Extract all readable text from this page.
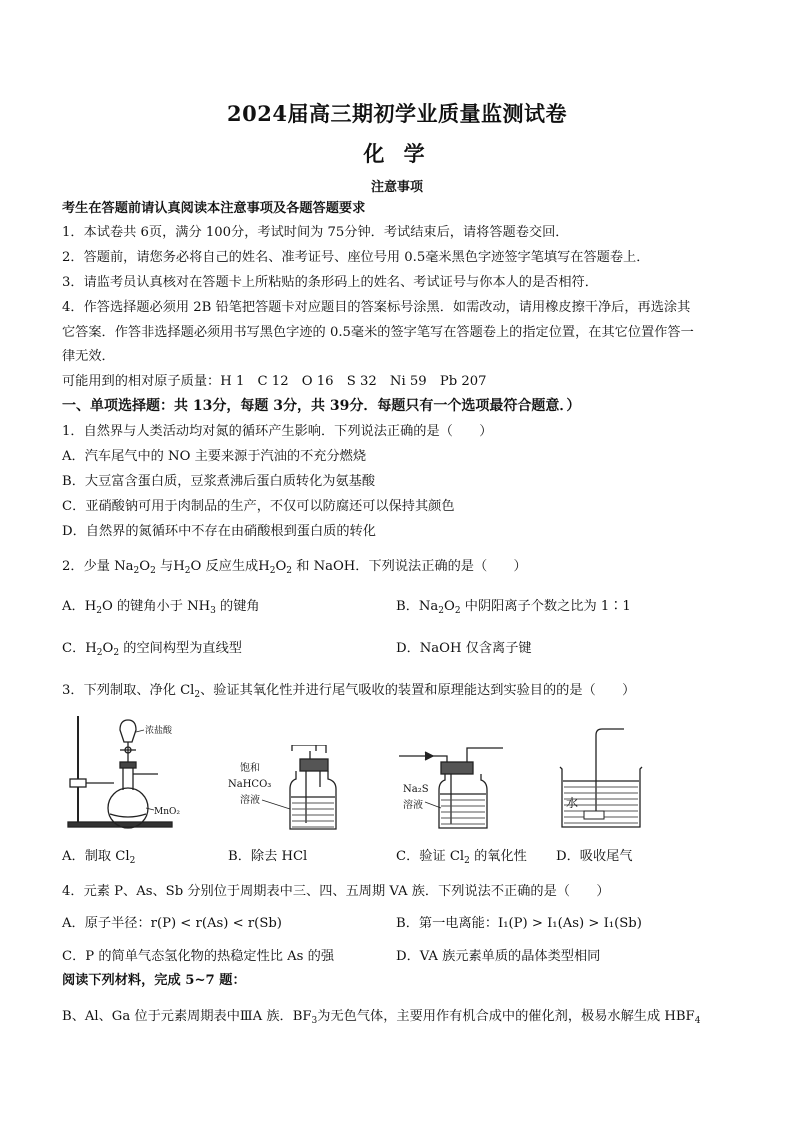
2024届高三期初学业质量监测试卷
化 学
注意事项
考生在答题前请认真阅读本注意事项及各题答题要求
1．本试卷共 6页，满分 100分，考试时间为 75分钟．考试结束后，请将答题卷交回．
2．答题前，请您务必将自己的姓名、准考证号、座位号用 0.5毫米黑色字迹签字笔填写在答题卷上．
3．请监考员认真核对在答题卡上所粘贴的条形码上的姓名、考试证号与你本人的是否相符．
4．作答选择题必须用 2B 铅笔把答题卡对应题目的答案标号涂黑．如需改动，请用橡皮擦干净后，再选涂其
它答案．作答非选择题必须用书写黑色字迹的 0.5毫米的签字笔写在答题卷上的指定位置，在其它位置作答一
律无效．
可能用到的相对原子质量：H 1　C 12　O 16　S 32　Ni 59　Pb 207
一、单项选择题：共 13分，每题 3分，共 39分．每题只有一个选项最符合题意．）
1．自然界与人类活动均对氮的循环产生影响．下列说法正确的是（　　）
A．汽车尾气中的 NO 主要来源于汽油的不充分燃烧
B．大豆富含蛋白质，豆浆煮沸后蛋白质转化为氨基酸
C．亚硝酸钠可用于肉制品的生产，不仅可以防腐还可以保持其颜色
D．自然界的氮循环中不存在由硝酸根到蛋白质的转化
2．少量 $Na_2O_2$ 与$H_2O$ 反应生成$H_2O_2$ 和 NaOH．下列说法正确的是（　　）
A．$H_2O$ 的键角小于 $NH_3$ 的键角	B．$Na_2O_2$ 中阴阳离子个数之比为 1∶1
C．$H_2O_2$ 的空间构型为直线型	D．NaOH 仅含离子键
3．下列制取、净化 $Cl_2$、验证其氧化性并进行尾气吸收的装置和原理能达到实验目的的是（　　）
浓盐酸
MnO₂
饱和
NaHCO₃
溶液
Na₂S
溶液	水
A．制取 $Cl_2$	B．除去 HCl	C．验证 $Cl_2$ 的氧化性 D．吸收尾气
4．元素 P、As、Sb 分别位于周期表中三、四、五周期 VA 族．下列说法不正确的是（　　）
A．原子半径：r(P) < r(As) < r(Sb)	B．第一电离能：I₁(P) > I₁(As) > I₁(Sb)
C．P 的简单气态氢化物的热稳定性比 As 的强	D．VA 族元素单质的晶体类型相同
阅读下列材料，完成 5~7 题：
B、Al、Ga 位于元素周期表中ⅢA 族．$BF_3$为无色气体，主要用作有机合成中的催化剂，极易水解生成 $HBF_4$
